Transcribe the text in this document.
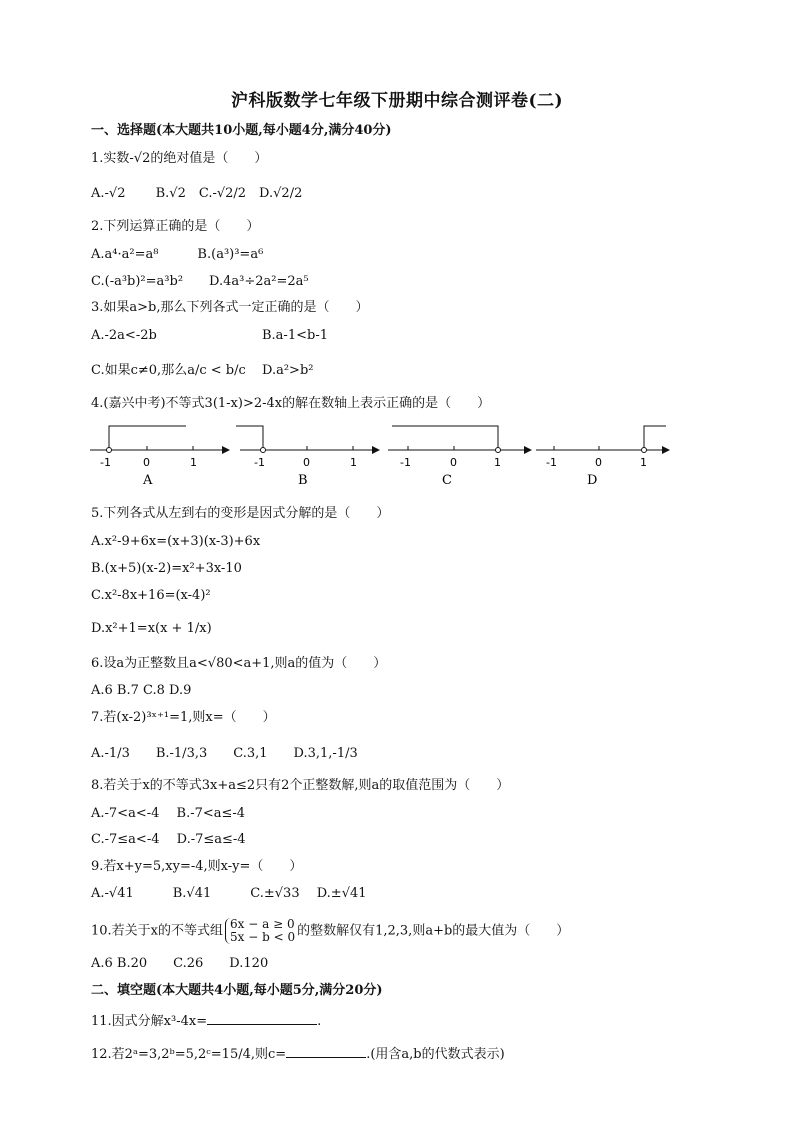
沪科版数学七年级下册期中综合测评卷(二)
一、选择题(本大题共10小题,每小题4分,满分40分)
1.实数-√2的绝对值是（　　）
A.-√2　　 B.√2　C.-√2/2　D.√2/2
2.下列运算正确的是（　　）
A.a⁴·a²=a⁸　　　B.(a³)³=a⁶
C.(-a³b)²=a³b²　　D.4a³÷2a²=2a⁵
3.如果a>b,那么下列各式一定正确的是（　　）
A.-2a<-2b	B.a-1<b-1
C.如果c≠0,那么a/c < b/c D.a²>b²
4.(嘉兴中考)不等式3(1-x)>2-4x的解在数轴上表示正确的是（　　）
-1	0	1
A
-1	0	1
B
-1	0	1
C
-1	0	1
D
5.下列各式从左到右的变形是因式分解的是（　　）
A.x²-9+6x=(x+3)(x-3)+6x
B.(x+5)(x-2)=x²+3x-10
C.x²-8x+16=(x-4)²
D.x²+1=x(x + 1/x)
6.设a为正整数且a<√80<a+1,则a的值为（　　）
A.6 B.7 C.8 D.9
7.若(x-2)³ˣ⁺¹=1,则x=（　　）
A.-1/3　　B.-1/3,3　　C.3,1　　D.3,1,-1/3
8.若关于x的不等式3x+a≤2只有2个正整数解,则a的取值范围为（　　）
A.-7<a<-4　 B.-7<a≤-4
C.-7≤a<-4　 D.-7≤a≤-4
9.若x+y=5,xy=-4,则x-y=（　　）
A.-√41　　　B.√41　　　C.±√33　 D.±√41
10.若关于x的不等式组 6x − a ≥ 0
5x − b < 0 的整数解仅有1,2,3,则a+b的最大值为（　　）
A.6 B.20　　C.26　　D.120
二、填空题(本大题共4小题,每小题5分,满分20分)
11.因式分解x³-4x=	.
12.若2ᵃ=3,2ᵇ=5,2ᶜ=15/4,则c=	.(用含a,b的代数式表示)
